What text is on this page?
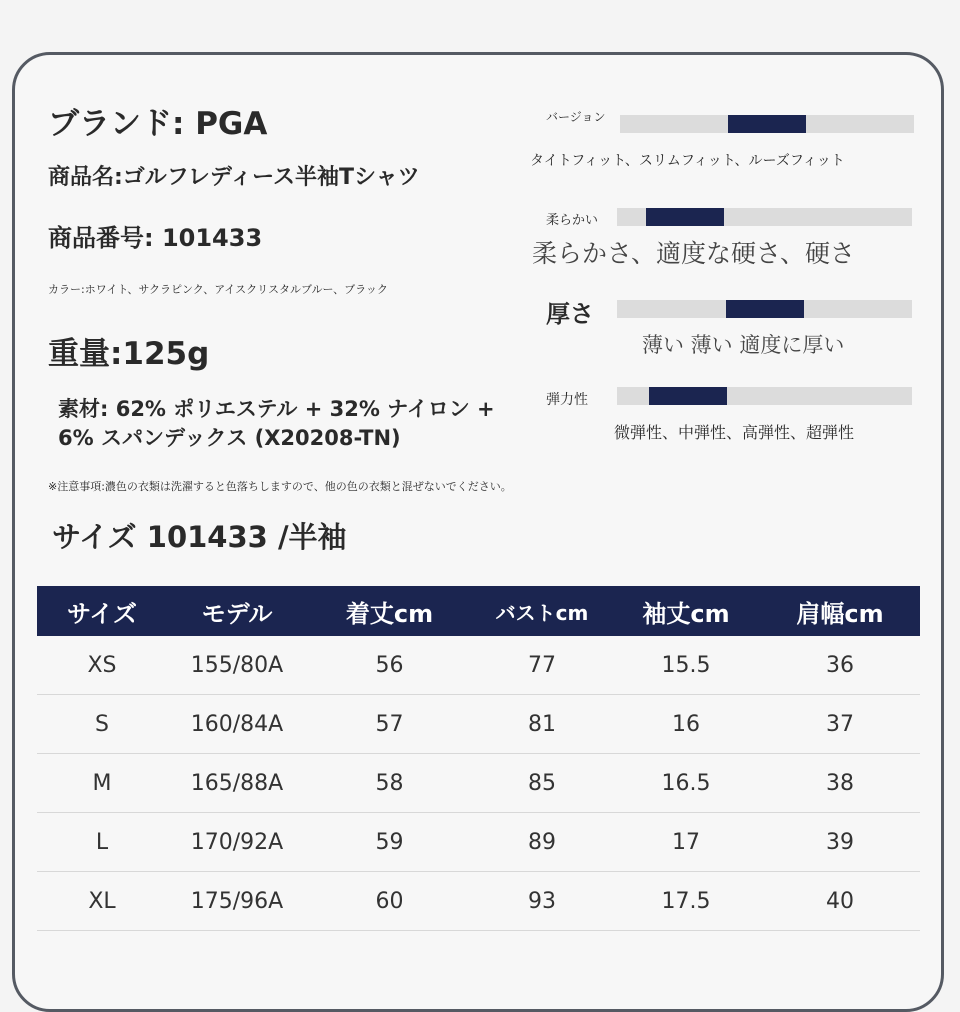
ブランド: PGA
商品名:ゴルフレディース半袖Tシャツ
商品番号: 101433
カラー:ホワイト、サクラピンク、アイスクリスタルブルー、ブラック
重量:125g
素材: 62% ポリエステル + 32% ナイロン + 6% スパンデックス (X20208-TN)
※注意事項:濃色の衣類は洗濯すると色落ちしますので、他の色の衣類と混ぜないでください。
サイズ 101433 /半袖
バージョン
タイトフィット、スリムフィット、ルーズフィット
柔らかい
柔らかさ、適度な硬さ、硬さ
厚さ
薄い 薄い 適度に厚い
弾力性
微弾性、中弾性、高弾性、超弾性
サイズ	モデル	着丈cm	バストcm	袖丈cm	肩幅cm
XS	155/80A	56	77	15.5	36
S	160/84A	57	81	16	37
M	165/88A	58	85	16.5	38
L	170/92A	59	89	17	39
XL	175/96A	60	93	17.5	40
